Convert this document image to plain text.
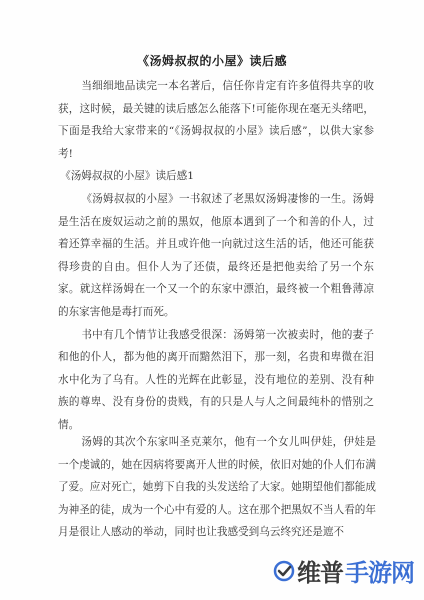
《汤姆叔叔的小屋》读后感

当细细地品读完一本名著后，信任你肯定有许多值得共享的收获，这时候，最关键的读后感怎么能落下!可能你现在毫无头绪吧，下面是我给大家带来的“《汤姆叔叔的小屋》读后感”，以供大家参考!

《汤姆叔叔的小屋》读后感1

《汤姆叔叔的小屋》一书叙述了老黑奴汤姆凄惨的一生。汤姆是生活在废奴运动之前的黑奴，他原本遇到了一个和善的仆人，过着还算幸福的生活。并且或许他一向就过这生活的话，他还可能获得珍贵的自由。但仆人为了还债，最终还是把他卖给了另一个东家。就这样汤姆在一个又一个的东家中漂泊，最终被一个粗鲁薄凉的东家害他是毒打而死。

书中有几个情节让我感受很深：汤姆第一次被卖时，他的妻子和他的仆人，都为他的离开而黯然泪下，那一刻，名贵和卑微在泪水中化为了乌有。人性的光辉在此彰显，没有地位的差别、没有种族的尊卑、没有身份的贵贱，有的只是人与人之间最纯朴的惜别之情。

汤姆的其次个东家叫圣克莱尔，他有一个女儿叫伊娃，伊娃是一个虔诚的，她在因病将要离开人世的时候，依旧对她的仆人们布满了爱。应对死亡，她剪下自我的头发送给了大家。她期望他们都能成为神圣的徒，成为一个心中有爱的人。这在那个把黑奴不当人看的年月是很让人感动的举动，同时也让我感受到乌云终究还是遮不

维普 手游网
